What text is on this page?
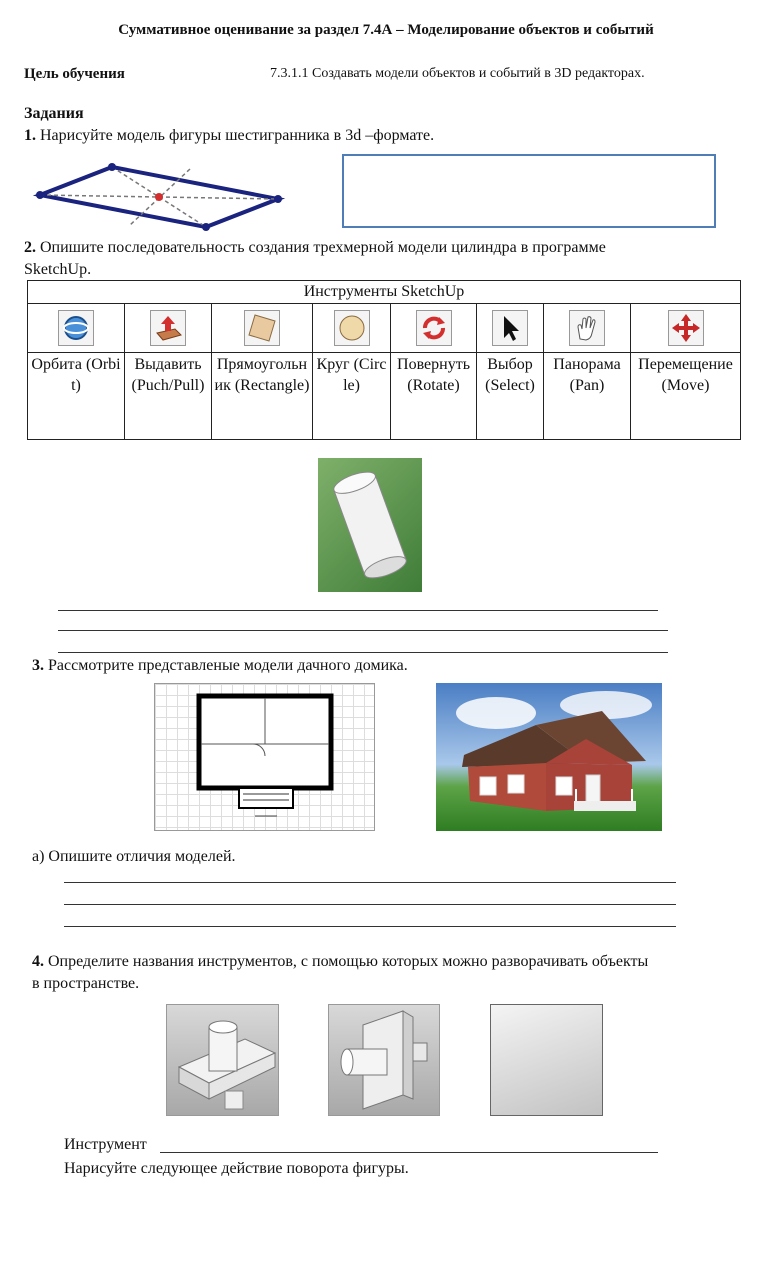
Суммативное оценивание за раздел 7.4А – Моделирование объектов и событий
Цель обучения	7.3.1.1 Создавать модели объектов и событий в 3D редакторах.
Задания
1. Нарисуйте модель фигуры шестигранника в 3d –формате.
2. Опишите последовательность создания трехмерной модели цилиндра в программе
SketchUp.
Инструменты SketchUp							

Орбита (Orbit)	Выдавить (Puch/Pull)	Прямоугольник (Rectangle)	Круг (Circle)	Повернуть (Rotate)	Выбор (Select)	Панорама (Pan)	Перемещение (Move)
3. Рассмотрите представленые модели дачного домика.
а) Опишите отличия моделей.
4. Определите названия инструментов, с помощью которых можно разворачивать объекты
в пространстве.
Инструмент
Нарисуйте следующее действие поворота фигуры.
